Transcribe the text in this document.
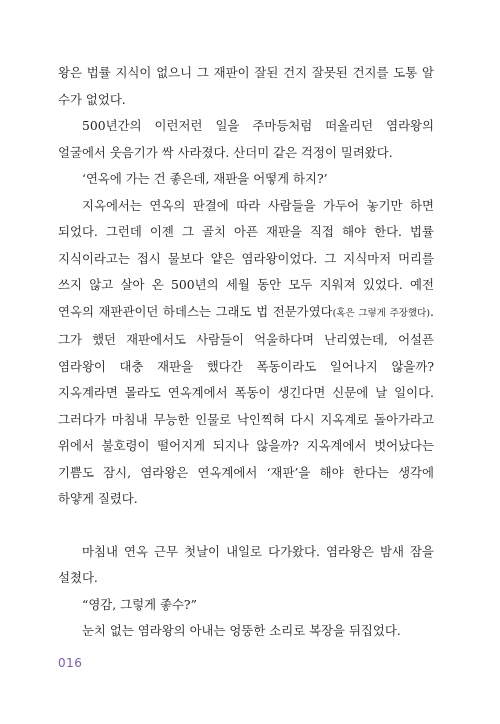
왕은 법률 지식이 없으니 그 재판이 잘된 건지 잘못된 건지를 도통 알 수가 없었다.

500년간의 이런저런 일을 주마등처럼 떠올리던 염라왕의 얼굴에서 웃음기가 싹 사라졌다. 산더미 같은 걱정이 밀려왔다.

‘연옥에 가는 건 좋은데, 재판을 어떻게 하지?’

지옥에서는 연옥의 판결에 따라 사람들을 가두어 놓기만 하면 되었다. 그런데 이젠 그 골치 아픈 재판을 직접 해야 한다. 법률 지식이라고는 접시 물보다 얕은 염라왕이었다. 그 지식마저 머리를 쓰지 않고 살아 온 500년의 세월 동안 모두 지워져 있었다. 예전 연옥의 재판관이던 하데스는 그래도 법 전문가였다(혹은 그렇게 주장했다). 그가 했던 재판에서도 사람들이 억울하다며 난리였는데, 어설픈 염라왕이 대충 재판을 했다간 폭동이라도 일어나지 않을까? 지옥계라면 몰라도 연옥계에서 폭동이 생긴다면 신문에 날 일이다. 그러다가 마침내 무능한 인물로 낙인찍혀 다시 지옥계로 돌아가라고 위에서 불호령이 떨어지게 되지나 않을까? 지옥계에서 벗어났다는 기쁨도 잠시, 염라왕은 연옥계에서 ‘재판’을 해야 한다는 생각에 하얗게 질렸다.

마침내 연옥 근무 첫날이 내일로 다가왔다. 염라왕은 밤새 잠을 설쳤다.

“영감, 그렇게 좋수?”

눈치 없는 염라왕의 아내는 엉뚱한 소리로 복장을 뒤집었다.

016
